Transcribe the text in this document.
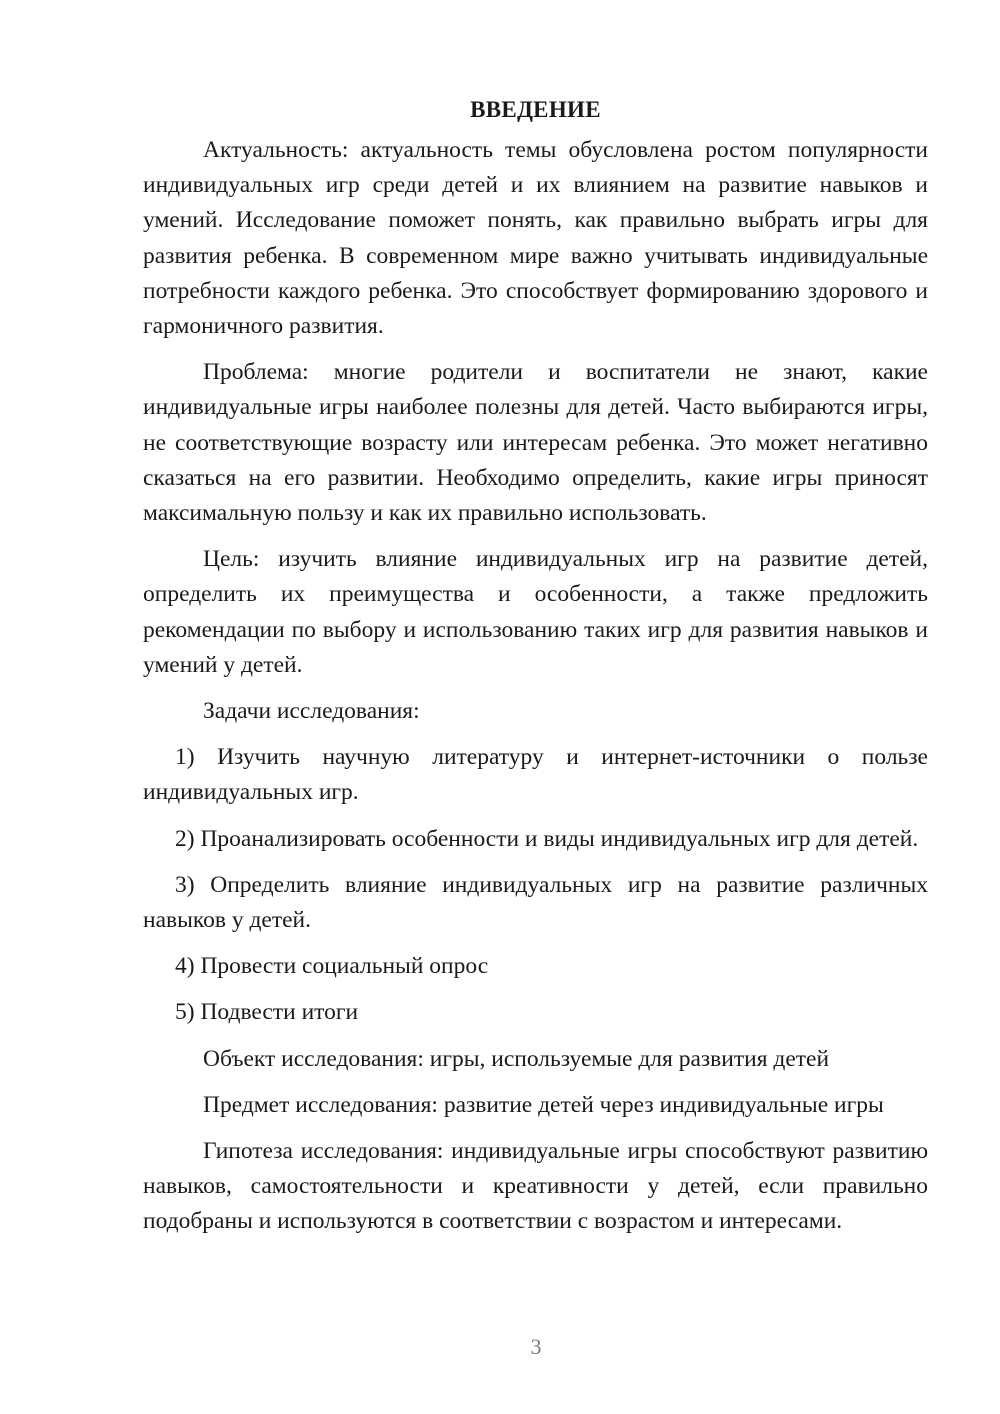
ВВЕДЕНИЕ

Актуальность: актуальность темы обусловлена ростом популярности индивидуальных игр среди детей и их влиянием на развитие навыков и умений. Исследование поможет понять, как правильно выбрать игры для развития ребенка. В современном мире важно учитывать индивидуальные потребности каждого ребенка. Это способствует формированию здорового и гармоничного развития.

Проблема: многие родители и воспитатели не знают, какие индивидуальные игры наиболее полезны для детей. Часто выбираются игры, не соответствующие возрасту или интересам ребенка. Это может негативно сказаться на его развитии. Необходимо определить, какие игры приносят максимальную пользу и как их правильно использовать.

Цель: изучить влияние индивидуальных игр на развитие детей, определить их преимущества и особенности, а также предложить рекомендации по выбору и использованию таких игр для развития навыков и умений у детей.

Задачи исследования:

1) Изучить научную литературу и интернет-источники о пользе индивидуальных игр.

2) Проанализировать особенности и виды индивидуальных игр для детей.

3) Определить влияние индивидуальных игр на развитие различных навыков у детей.

4) Провести социальный опрос

5) Подвести итоги

Объект исследования: игры, используемые для развития детей

Предмет исследования: развитие детей через индивидуальные игры

Гипотеза исследования: индивидуальные игры способствуют развитию навыков, самостоятельности и креативности у детей, если правильно подобраны и используются в соответствии с возрастом и интересами.

3
